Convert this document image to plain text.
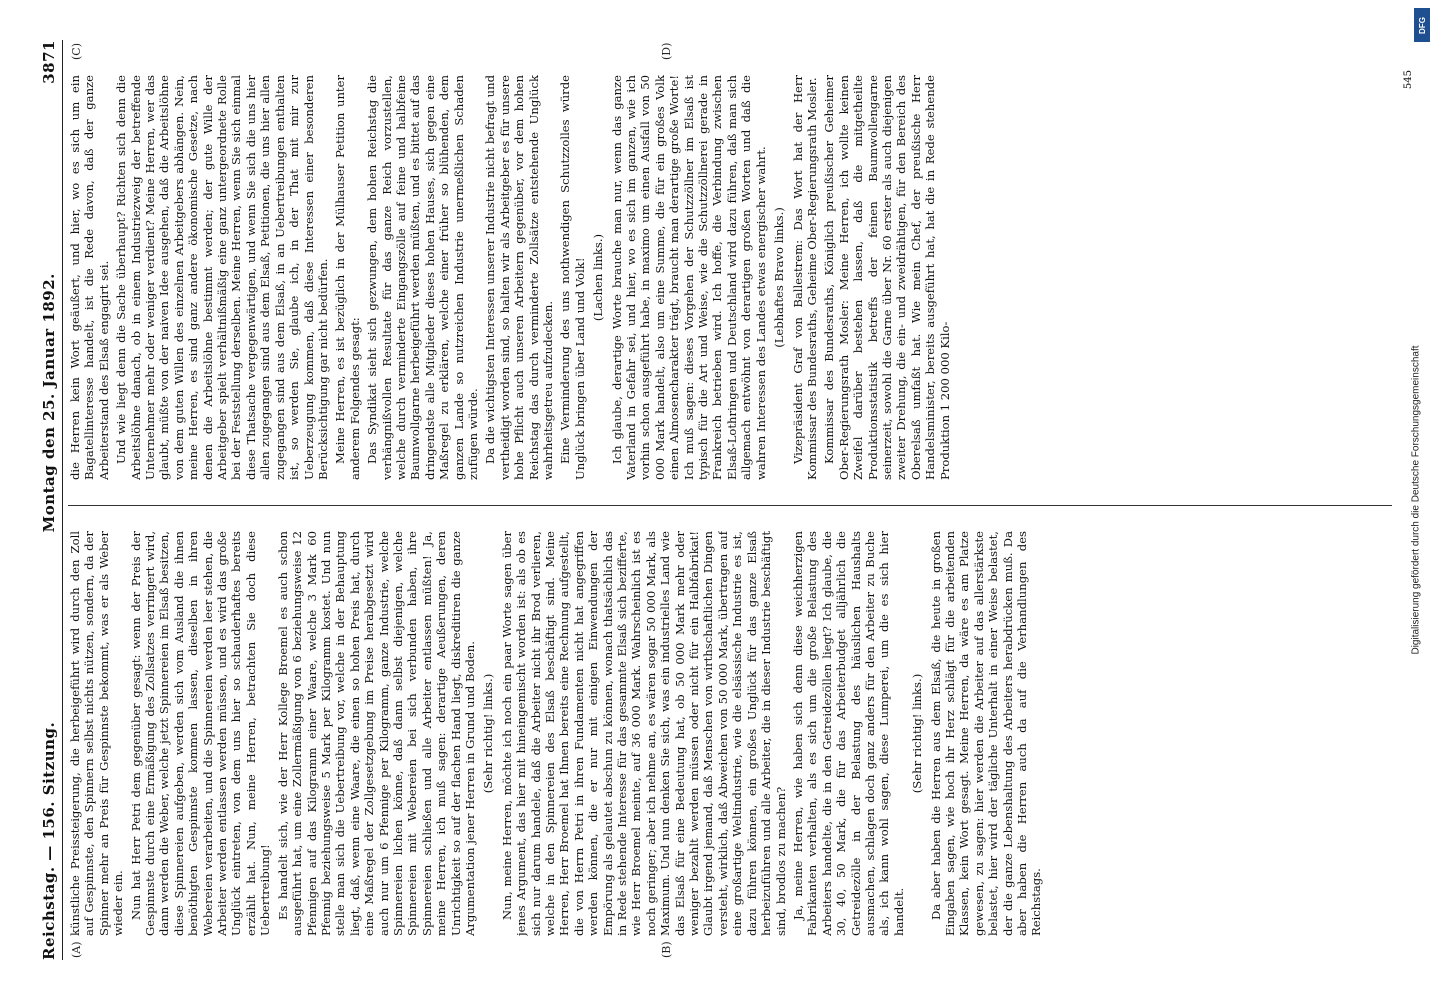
Reichstag. — 156. Sitzung.
Montag den 25. Januar 1892.
3871
(A)	(B)
(C)	(D)

künstliche Preissteigerung, die herbeigeführt wird durch den Zoll auf Gespinnste, den Spinnern selbst nichts nützen, sondern, da der Spinner mehr an Preis für Gespinnste bekommt, was er als Weber wieder ein. Nun hat Herr Petri dem gegenüber gesagt: wenn der Preis der Gespinnste durch eine Ermäßigung des Zollsatzes verringert wird, dann werden die Weber, welche jetzt Spinnereien im Elsaß besitzen, diese Spinnereien aufgeben, werden sich vom Ausland die ihnen benöthigten Gespinnste kommen lassen, dieselben in ihren Webereien verarbeiten, und die Spinnereien werden leer stehen, die Arbeiter werden entlassen werden müssen, und es wird das große Unglück eintreten, von dem uns hier so schauderhaftes bereits erzählt hat. Nun, meine Herren, betrachten Sie doch diese Uebertreibung! Es handelt sich, wie der Herr Kollege Broemel es auch schon ausgeführt hat, um eine Zollermäßigung von 6 beziehungsweise 12 Pfennigen auf das Kilogramm einer Waare, welche 3 Mark 60 Pfennig beziehungsweise 5 Mark per Kilogramm kostet. Und nun stelle man sich die Uebertreibung vor, welche in der Behauptung liegt, daß, wenn eine Waare, die einen so hohen Preis hat, durch eine Maßregel der Zollgesetzgebung im Preise herabgesetzt wird auch nur um 6 Pfennige per Kilogramm, ganze Industrie, welche Spinnereien lichen könne, daß dann selbst diejenigen, welche Spinnereien mit Webereien bei sich verbunden haben, ihre Spinnereien schließen und alle Arbeiter entlassen müßten! Ja, meine Herren, ich muß sagen: derartige Aeußerungen, deren Unrichtigkeit so auf der flachen Hand liegt, diskreditiren die ganze Argumentation jener Herren in Grund und Boden. (Sehr richtig! links.) Nun, meine Herren, möchte ich noch ein paar Worte sagen über jenes Argument, das hier mit hineingemischt worden ist: als ob es sich nur darum handele, daß die Arbeiter nicht ihr Brod verlieren, welche in den Spinnereien des Elsaß beschäftigt sind. Meine Herren, Herr Broemel hat Ihnen bereits eine Rechnung aufgestellt, die von Herrn Petri in ihren Fundamenten nicht hat angegriffen werden können, die er nur mit einigen Einwendungen der Empörung als gelautet abschun zu können, wonach thatsächlich das in Rede stehende Interesse für das gesammte Elsaß sich bezifferte, wie Herr Broemel meinte, auf 36 000 Mark. Wahrscheinlich ist es noch geringer; aber ich nehme an, es wären sogar 50 000 Mark, als Maximum. Und nun denken Sie sich, was ein industrielles Land wie das Elsaß für eine Bedeutung hat, ob 50 000 Mark mehr oder weniger bezahlt werden müssen oder nicht für ein Halbfabrikat! Glaubt irgend jemand, daß Menschen von wirthschaftlichen Dingen versteht, wirklich, daß Abweichen von 50 000 Mark, übertragen auf eine großartige Weltindustrie, wie die elsässische Industrie es ist, dazu führen können, ein großes Unglück für das ganze Elsaß herbeizuführen und alle Arbeiter, die in dieser Industrie beschäftigt sind, brodlos zu machen? Ja, meine Herren, wie haben sich denn diese weichherzigen Fabrikanten verhalten, als es sich um die große Belastung des Arbeiters handelte, die in den Getreidezöllen liegt? Ich glaube, die 30, 40, 50 Mark, die für das Arbeiterbudget alljährlich die Getreidezölle in der Belastung des häuslichen Haushalts ausmachen, schlagen doch ganz anders für den Arbeiter zu Buche als, ich kann wohl sagen, diese Lumperei, um die es sich hier handelt.

(Sehr richtig! links.) Da aber haben die Herren aus dem Elsaß, die heute in großen Eingaben sagen, wie hoch ihr Herz schlägt für die arbeitenden Klassen, kein Wort gesagt. Meine Herren, da wäre es am Platze gewesen, zu sagen: hier werden die Arbeiter auf das allerstärkste belastet, hier wird der tägliche Unterhalt in einer Weise belastet, der die ganze Lebenshaltung des Arbeiters herabdrücken muß. Da aber haben die Herren auch da auf die Verhandlungen des Reichstags.

die Herren kein Wort geäußert, und hier, wo es sich um ein Bagatellinteresse handelt, ist die Rede davon, daß der ganze Arbeiterstand des Elsaß engagirt sei. Und wie liegt denn die Sache überhaupt? Richten sich denn die Arbeitslöhne danach, ob in einem Industriezweig der betreffende Unternehmer mehr oder weniger verdient? Meine Herren, wer das glaubt, müßte von der naiven Idee ausgehen, daß die Arbeitslöhne von dem guten Willen des einzelnen Arbeitgebers abhängen. Nein, meine Herren, es sind ganz andere ökonomische Gesetze, nach denen die Arbeitslöhne bestimmt werden; der gute Wille der Arbeitgeber spielt verhältnißmäßig eine ganz untergeordnete Rolle bei der Feststellung derselben. Meine Herren, wenn Sie sich einmal diese Thatsache vergegenwärtigen, und wenn Sie sich die uns hier allen zugegangen sind aus dem Elsaß, Petitionen, die uns hier allen zugegangen sind aus dem Elsaß, in an Uebertreibungen enthalten ist, so werden Sie, glaube ich, in der That mit mir zur Ueberzeugung kommen, daß diese Interessen einer besonderen Berücksichtigung gar nicht bedürfen. Meine Herren, es ist bezüglich in der Mülhauser Petition unter anderem Folgendes gesagt: Das Syndikat sieht sich gezwungen, dem hohen Reichstag die verhängnißvollen Resultate für das ganze Reich vorzustellen, welche durch verminderte Eingangszölle auf feine und halbfeine Baumwollgarne herbeigeführt werden müßten, und es bittet auf das dringendste alle Mitglieder dieses hohen Hauses, sich gegen eine Maßregel zu erklären, welche einer früher so blühenden, dem ganzen Lande so nutzreichen Industrie unermeßlichen Schaden zufügen würde. Da die wichtigsten Interessen unserer Industrie nicht befragt und vertheidigt worden sind, so halten wir als Arbeitgeber es für unsere hohe Pflicht auch unseren Arbeitern gegenüber, vor dem hohen Reichstag das durch verminderte Zollsätze entstehende Unglück wahrheitsgetreu aufzudecken. Eine Verminderung des uns nothwendigen Schutzzolles würde Unglück bringen über Land und Volk! (Lachen links.) Ich glaube, derartige Worte brauche man nur, wenn das ganze Vaterland in Gefahr sei, und hier, wo es sich im ganzen, wie ich vorhin schon ausgeführt habe, in maximo um einen Ausfall von 50 000 Mark handelt, also um eine Summe, die für ein großes Volk einen Almosencharakter trägt, braucht man derartige große Worte! Ich muß sagen: dieses Vorgehen der Schutzzöllner im Elsaß ist typisch für die Art und Weise, wie die Schutzzöllnerei gerade in Frankreich betrieben wird. Ich hoffe, die Verbindung zwischen Elsaß-Lothringen und Deutschland wird dazu führen, daß man sich allgemach entwöhnt von derartigen großen Worten und daß die wahren Interessen des Landes etwas energischer wahrt. (Lebhaftes Bravo links.) Vizepräsident Graf von Ballestrem: Das Wort hat der Herr Kommissar des Bundesraths, Geheime Ober-Regierungsrath Mosler. Kommissar des Bundesraths, Königlich preußischer Geheimer Ober-Regierungsrath Mosler: Meine Herren, ich wollte keinen Zweifel darüber bestehen lassen, daß die mitgetheilte Produktionsstatistik betreffs der feinen Baumwollengarne seinerzeit, sowohl die Garne über Nr. 60 erster als auch diejenigen zweiter Drehung, die ein- und zweidrähtigen, für den Bereich des Oberelsaß umfaßt hat. Wie mein Chef, der preußische Herr Handelsminister, bereits ausgeführt hat, hat die in Rede stehende Produktion 1 200 000 Kilo-

545
Digitalisierung gefördert durch die Deutsche Forschungsgemeinschaft
DFG
